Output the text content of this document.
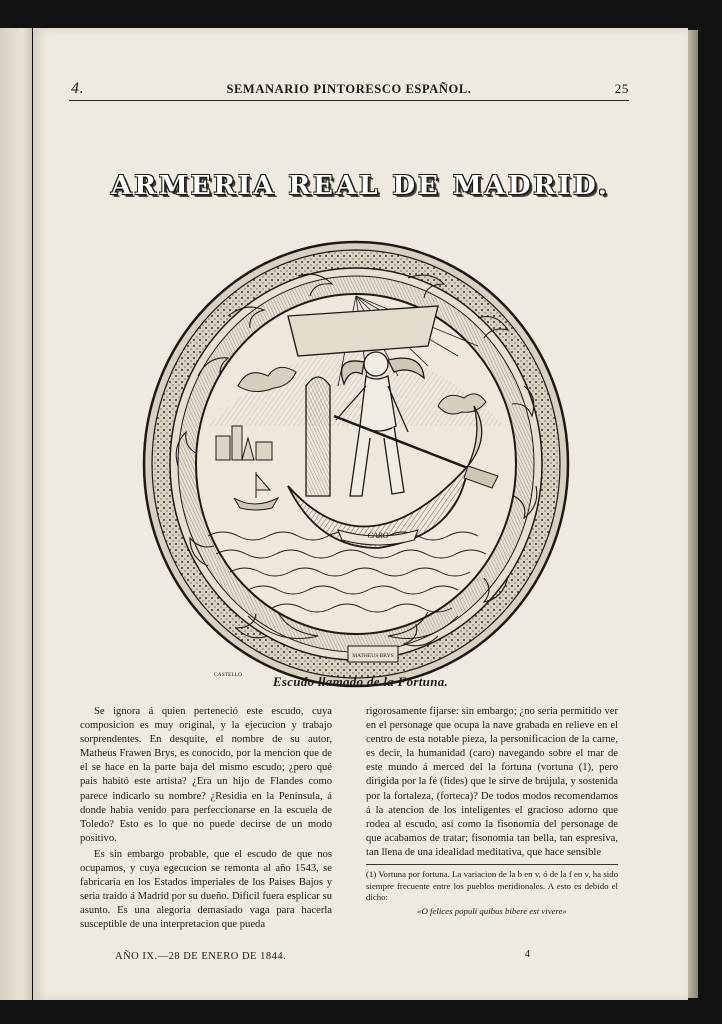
4.	SEMANARIO PINTORESCO ESPAÑOL.	25
ARMERIA REAL DE MADRID.
CARO
MATHEUS BRYS
CASTELLO	Escudo llamado de la Fortuna.

Se ignora á quien perteneció este escudo, cuya composicion es muy original, y la ejecucion y trabajo sorprendentes. En desquite, el nombre de su autor, Matheus Frawen Brys, es conocido, por la mencion que de el se hace en la parte baja del mismo escudo; ¿pero qué pais habitó este artista? ¿Era un hijo de Flandes como parece indicarlo su nombre? ¿Residia en la Península, á donde habia venido para perfeccionarse en la escuela de Toledo? Esto es lo que no puede decirse de un modo positivo.

Es sin embargo probable, que el escudo de que nos ocupamos, y cuya egecucion se remonta al año 1543, se fabricaría en los Estados imperiales de los Paises Bajos y seria traido á Madrid por su dueño. Dificil fuera esplicar su asunto. Es una alegoria demasiado vaga para hacerla susceptible de una interpretacion que pueda

rigorosamente fijarse: sin embargo; ¿no seria permitido ver en el personage que ocupa la nave grabada en relieve en el centro de esta notable pieza, la personificacion de la carne, es decir, la humanidad (caro) navegando sobre el mar de este mundo á merced del la fortuna (vortuna (1), pero dirigida por la fé (fides) que le sirve de brújula, y sostenida por la fortaleza, (forteca)? De todos modos recomendamos á la atencion de los inteligentes el gracioso adorno que rodea al escudo, así como la fisonomia del personage de que acabamos de tratar; fisonomia tan bella, tan espresiva, tan llena de una idealidad meditativa, que hace sensible

(1) Vortuna por fortuna. La variacion de la b en v, ó de la f en v, ha sido siempre frecuente entre los pueblos meridionales. A esto es debido el dicho:
«O felices populi quibus bibere est vivere»
AÑO IX.—28 DE ENERO DE 1844.	4
